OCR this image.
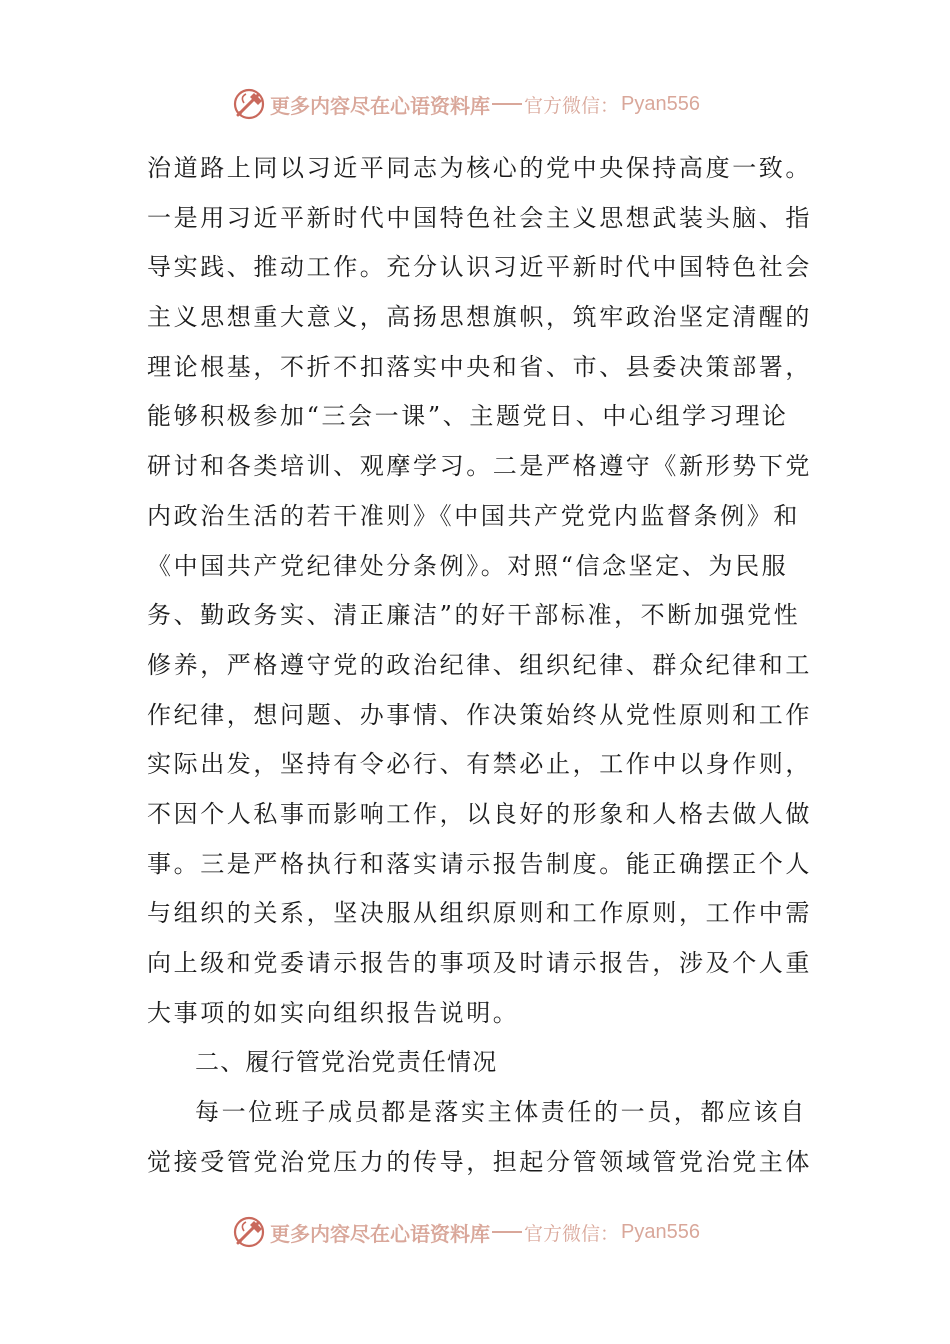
更多内容尽在心语资料库 官方微信： Pyan556
治道路上同以习近平同志为核心的党中央保持高度一致。
一是用习近平新时代中国特色社会主义思想武装头脑、指
导实践、推动工作。充分认识习近平新时代中国特色社会
主义思想重大意义，高扬思想旗帜，筑牢政治坚定清醒的
理论根基，不折不扣落实中央和省、市、县委决策部署，
能够积极参加“三会一课”、主题党日、中心组学习理论
研讨和各类培训、观摩学习。二是严格遵守《新形势下党
内政治生活的若干准则》《中国共产党党内监督条例》和
《中国共产党纪律处分条例》。对照“信念坚定、为民服
务、勤政务实、清正廉洁”的好干部标准，不断加强党性
修养，严格遵守党的政治纪律、组织纪律、群众纪律和工
作纪律，想问题、办事情、作决策始终从党性原则和工作
实际出发，坚持有令必行、有禁必止，工作中以身作则，
不因个人私事而影响工作，以良好的形象和人格去做人做
事。三是严格执行和落实请示报告制度。能正确摆正个人
与组织的关系，坚决服从组织原则和工作原则，工作中需
向上级和党委请示报告的事项及时请示报告，涉及个人重
大事项的如实向组织报告说明。
二、履行管党治党责任情况
每一位班子成员都是落实主体责任的一员，都应该自
觉接受管党治党压力的传导，担起分管领域管党治党主体
更多内容尽在心语资料库 官方微信： Pyan556
